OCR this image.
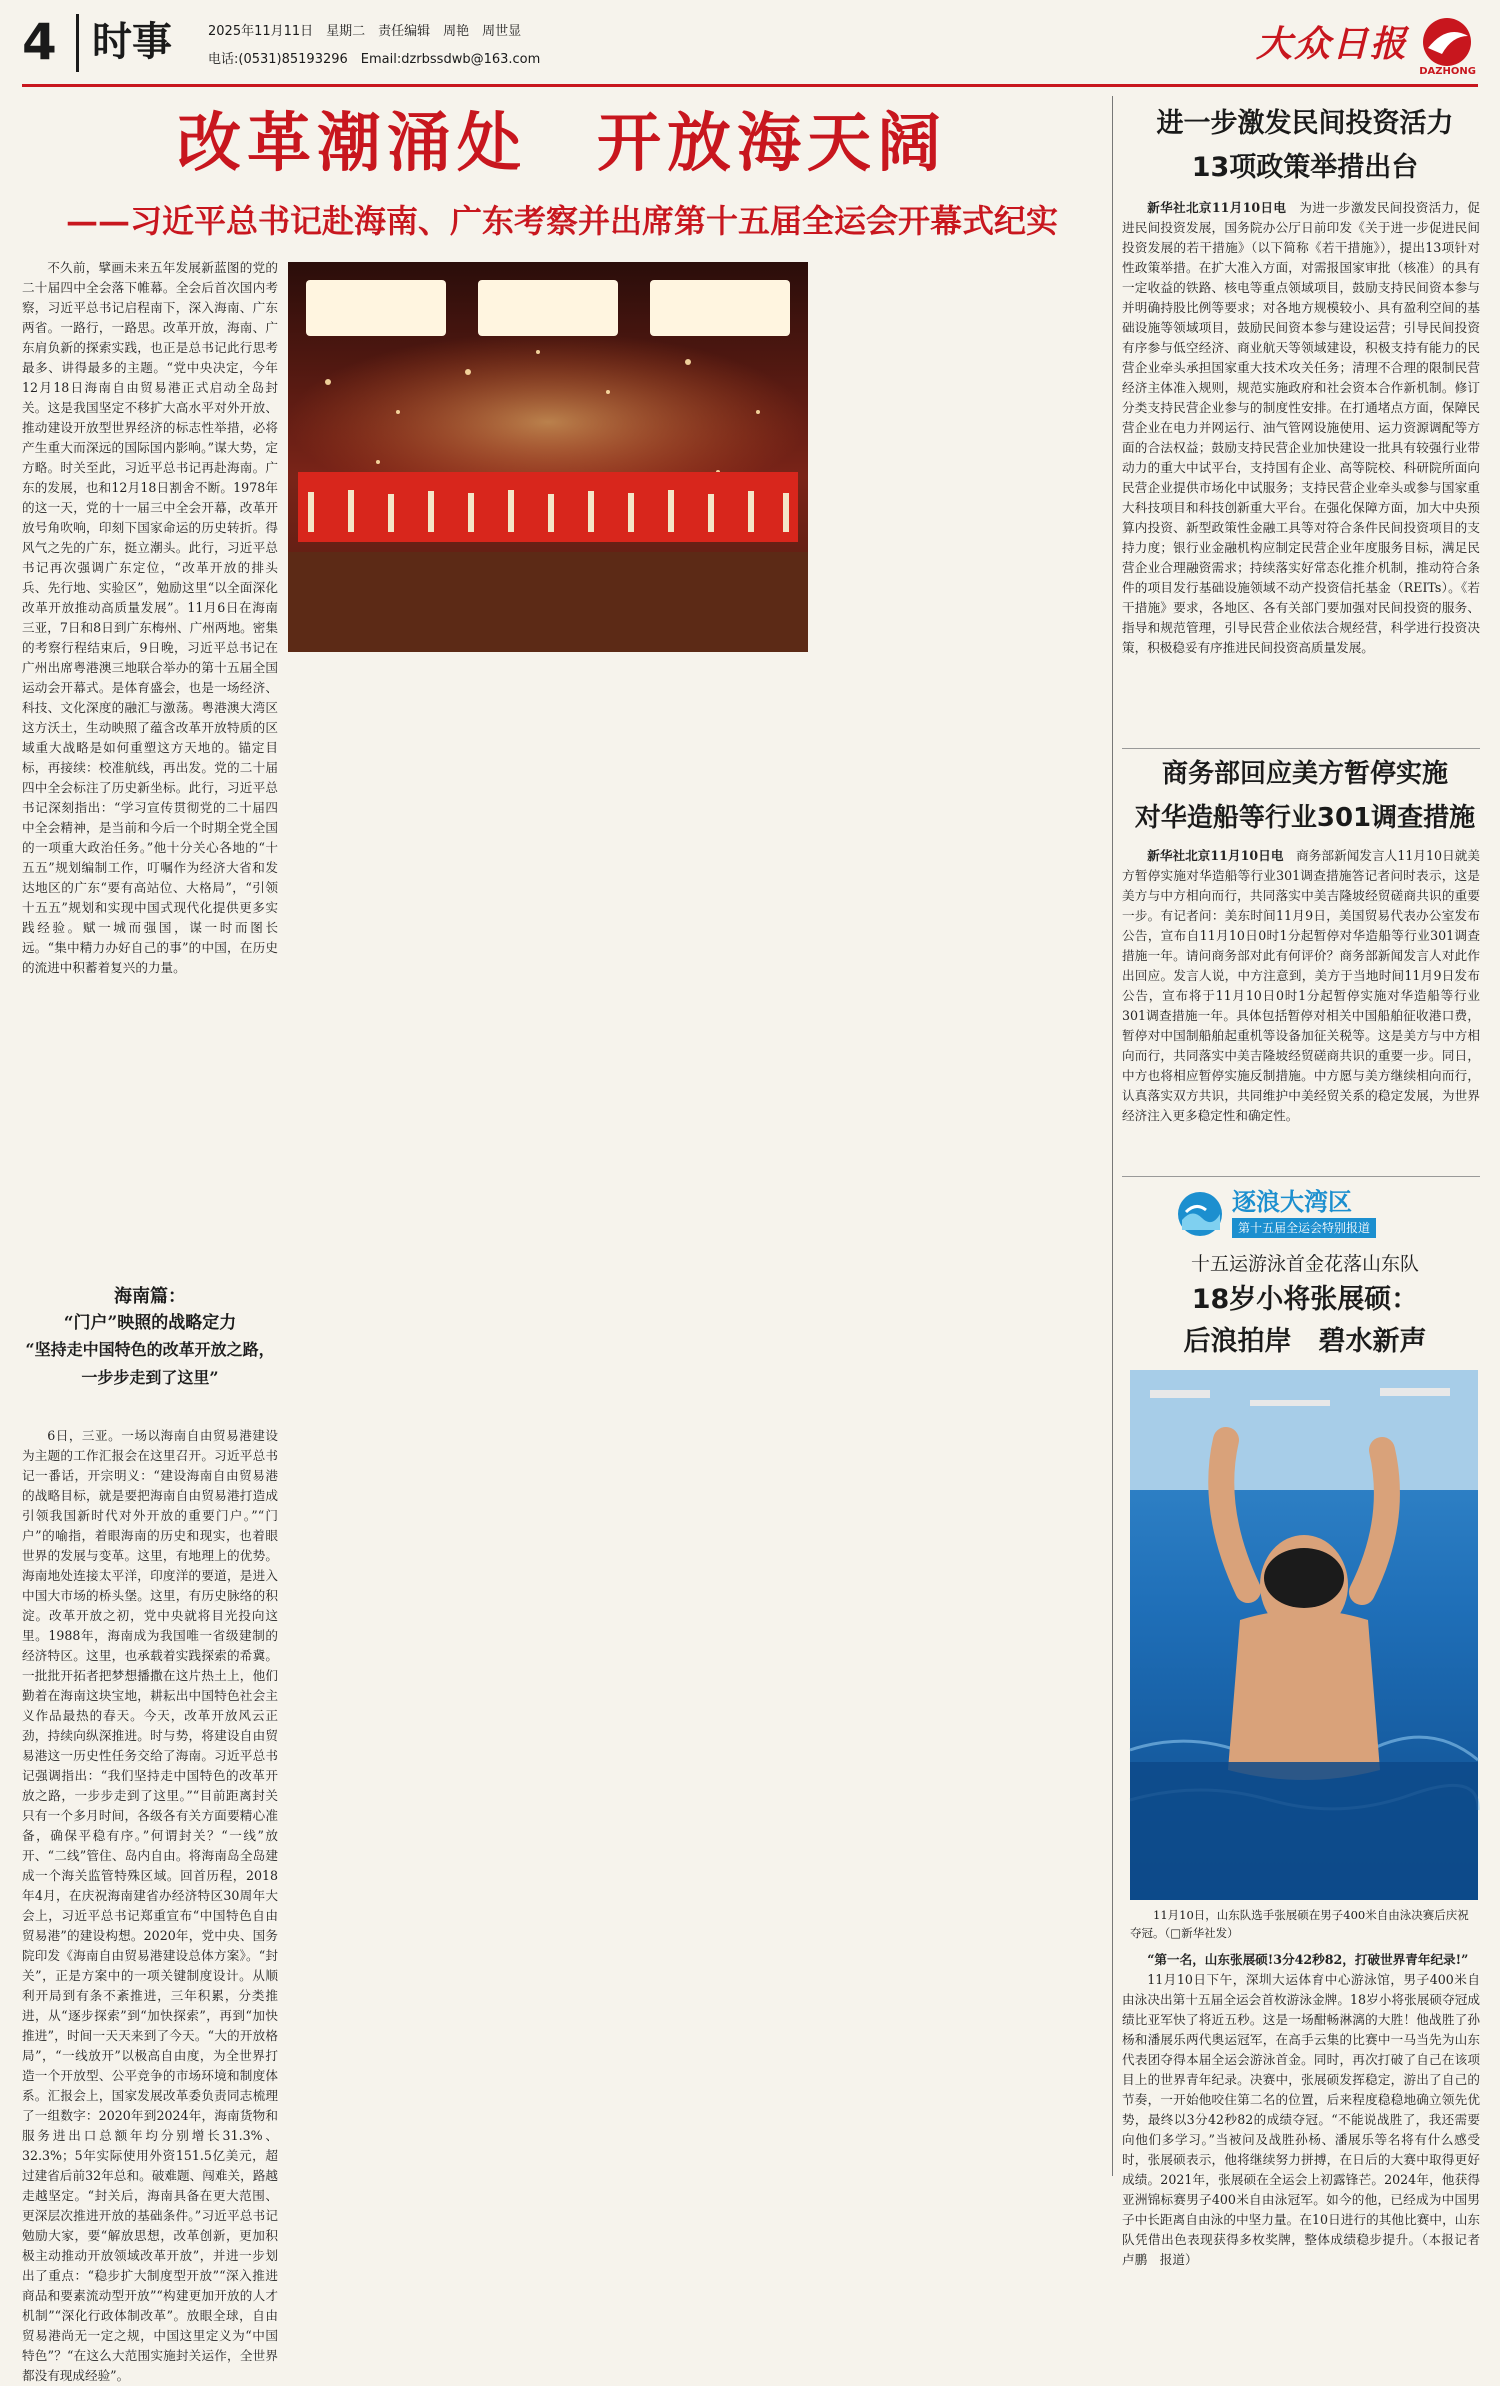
4 时事	2025年11月11日　星期二　责任编辑　周艳　周世显
电话:(0531)85193296　Email:dzrbssdwb@163.com	大众日报
DAZHONG
改革潮涌处　开放海天阔
——习近平总书记赴海南、广东考察并出席第十五届全运会开幕式纪实

不久前，擘画未来五年发展新蓝图的党的二十届四中全会落下帷幕。全会后首次国内考察，习近平总书记启程南下，深入海南、广东两省。一路行，一路思。改革开放，海南、广东肩负新的探索实践，也正是总书记此行思考最多、讲得最多的主题。“党中央决定，今年12月18日海南自由贸易港正式启动全岛封关。这是我国坚定不移扩大高水平对外开放、推动建设开放型世界经济的标志性举措，必将产生重大而深远的国际国内影响。”谋大势，定方略。时关至此，习近平总书记再赴海南。广东的发展，也和12月18日割舍不断。1978年的这一天，党的十一届三中全会开幕，改革开放号角吹响，印刻下国家命运的历史转折。得风气之先的广东，挺立潮头。此行，习近平总书记再次强调广东定位，“改革开放的排头兵、先行地、实验区”，勉励这里“以全面深化改革开放推动高质量发展”。11月6日在海南三亚，7日和8日到广东梅州、广州两地。密集的考察行程结束后，9日晚，习近平总书记在广州出席粤港澳三地联合举办的第十五届全国运动会开幕式。是体育盛会，也是一场经济、科技、文化深度的融汇与激荡。粤港澳大湾区这方沃土，生动映照了蕴含改革开放特质的区域重大战略是如何重塑这方天地的。锚定目标，再接续：校准航线，再出发。党的二十届四中全会标注了历史新坐标。此行，习近平总书记深刻指出：“学习宣传贯彻党的二十届四中全会精神，是当前和今后一个时期全党全国的一项重大政治任务。”他十分关心各地的“十五五”规划编制工作，叮嘱作为经济大省和发达地区的广东“要有高站位、大格局”，“引领十五五”规划和实现中国式现代化提供更多实践经验。赋一城而强国，谋一时而图长远。“集中精力办好自己的事”的中国，在历史的流进中积蓄着复兴的力量。

海南篇：
“门户”映照的战略定力
“坚持走中国特色的改革开放之路，一步步走到了这里”

6日，三亚。一场以海南自由贸易港建设为主题的工作汇报会在这里召开。习近平总书记一番话，开宗明义：“建设海南自由贸易港的战略目标，就是要把海南自由贸易港打造成引领我国新时代对外开放的重要门户。”“门户”的喻指，着眼海南的历史和现实，也着眼世界的发展与变革。这里，有地理上的优势。海南地处连接太平洋，印度洋的要道，是进入中国大市场的桥头堡。这里，有历史脉络的积淀。改革开放之初，党中央就将目光投向这里。1988年，海南成为我国唯一省级建制的经济特区。这里，也承载着实践探索的希冀。一批批开拓者把梦想播撒在这片热土上，他们勤着在海南这块宝地，耕耘出中国特色社会主义作品最热的春天。今天，改革开放风云正劲，持续向纵深推进。时与势，将建设自由贸易港这一历史性任务交给了海南。习近平总书记强调指出：“我们坚持走中国特色的改革开放之路，一步步走到了这里。”“目前距离封关只有一个多月时间，各级各有关方面要精心准备，确保平稳有序。”何谓封关？“一线”放开、“二线”管住、岛内自由。将海南岛全岛建成一个海关监管特殊区域。回首历程，2018年4月，在庆祝海南建省办经济特区30周年大会上，习近平总书记郑重宣布“中国特色自由贸易港”的建设构想。2020年，党中央、国务院印发《海南自由贸易港建设总体方案》。“封关”，正是方案中的一项关键制度设计。从顺利开局到有条不紊推进，三年积累，分类推进，从“逐步探索”到“加快探索”，再到“加快推进”，时间一天天来到了今天。“大的开放格局”，“一线放开”以极高自由度，为全世界打造一个开放型、公平竞争的市场环境和制度体系。汇报会上，国家发展改革委负责同志梳理了一组数字：2020年到2024年，海南货物和服务进出口总额年均分别增长31.3%、32.3%；5年实际使用外资151.5亿美元，超过建省后前32年总和。破难题、闯难关，路越走越坚定。“封关后，海南具备在更大范围、更深层次推进开放的基础条件。”习近平总书记勉励大家，要“解放思想，改革创新，更加积极主动推动开放领域改革开放”，并进一步划出了重点：“稳步扩大制度型开放”“深入推进商品和要素流动型开放”“构建更加开放的人才机制”“深化行政体制改革”。放眼全球，自由贸易港尚无一定之规，中国这里定义为“中国特色”？“在这么大范围实施封关运作，全世界都没有现成经验”。

进一步激发民间投资活力
13项政策举措出台

新华社北京11月10日电　 为进一步激发民间投资活力，促进民间投资发展，国务院办公厅日前印发《关于进一步促进民间投资发展的若干措施》（以下简称《若干措施》），提出13项针对性政策举措。在扩大准入方面，对需报国家审批（核准）的具有一定收益的铁路、核电等重点领域项目，鼓励支持民间资本参与并明确持股比例等要求；对各地方规模较小、具有盈利空间的基础设施等领域项目，鼓励民间资本参与建设运营；引导民间投资有序参与低空经济、商业航天等领域建设，积极支持有能力的民营企业牵头承担国家重大技术攻关任务；清理不合理的限制民营经济主体准入规则，规范实施政府和社会资本合作新机制。修订分类支持民营企业参与的制度性安排。在打通堵点方面，保障民营企业在电力并网运行、油气管网设施使用、运力资源调配等方面的合法权益；鼓励支持民营企业加快建设一批具有较强行业带动力的重大中试平台，支持国有企业、高等院校、科研院所面向民营企业提供市场化中试服务；支持民营企业牵头或参与国家重大科技项目和科技创新重大平台。在强化保障方面，加大中央预算内投资、新型政策性金融工具等对符合条件民间投资项目的支持力度；银行业金融机构应制定民营企业年度服务目标，满足民营企业合理融资需求；持续落实好常态化推介机制，推动符合条件的项目发行基础设施领域不动产投资信托基金（REITs）。《若干措施》要求，各地区、各有关部门要加强对民间投资的服务、指导和规范管理，引导民营企业依法合规经营，科学进行投资决策，积极稳妥有序推进民间投资高质量发展。

商务部回应美方暂停实施
对华造船等行业301调查措施

新华社北京11月10日电　 商务部新闻发言人11月10日就美方暂停实施对华造船等行业301调查措施答记者问时表示，这是美方与中方相向而行，共同落实中美吉隆坡经贸磋商共识的重要一步。有记者问：美东时间11月9日，美国贸易代表办公室发布公告，宣布自11月10日0时1分起暂停对华造船等行业301调查措施一年。请问商务部对此有何评价？商务部新闻发言人对此作出回应。发言人说，中方注意到，美方于当地时间11月9日发布公告，宣布将于11月10日0时1分起暂停实施对华造船等行业301调查措施一年。具体包括暂停对相关中国船舶征收港口费，暂停对中国制船舶起重机等设备加征关税等。这是美方与中方相向而行，共同落实中美吉隆坡经贸磋商共识的重要一步。同日，中方也将相应暂停实施反制措施。中方愿与美方继续相向而行，认真落实双方共识，共同维护中美经贸关系的稳定发展，为世界经济注入更多稳定性和确定性。

逐浪大湾区
第十五届全运会特别报道
十五运游泳首金花落山东队
18岁小将张展硕：
后浪拍岸　碧水新声
11月10日，山东队选手张展硕在男子400米自由泳决赛后庆祝夺冠。（□新华社发）

“第一名，山东张展硕!3分42秒82，打破世界青年纪录!”

11月10日下午，深圳大运体育中心游泳馆，男子400米自由泳决出第十五届全运会首枚游泳金牌。18岁小将张展硕夺冠成绩比亚军快了将近五秒。这是一场酣畅淋漓的大胜！他战胜了孙杨和潘展乐两代奥运冠军，在高手云集的比赛中一马当先为山东代表团夺得本届全运会游泳首金。同时，再次打破了自己在该项目上的世界青年纪录。决赛中，张展硕发挥稳定，游出了自己的节奏，一开始他咬住第二名的位置，后来程度稳稳地确立领先优势，最终以3分42秒82的成绩夺冠。“不能说战胜了，我还需要向他们多学习。”当被问及战胜孙杨、潘展乐等名将有什么感受时，张展硕表示，他将继续努力拼搏，在日后的大赛中取得更好成绩。2021年，张展硕在全运会上初露锋芒。2024年，他获得亚洲锦标赛男子400米自由泳冠军。如今的他，已经成为中国男子中长距离自由泳的中坚力量。在10日进行的其他比赛中，山东队凭借出色表现获得多枚奖牌，整体成绩稳步提升。（本报记者　卢鹏　报道）
